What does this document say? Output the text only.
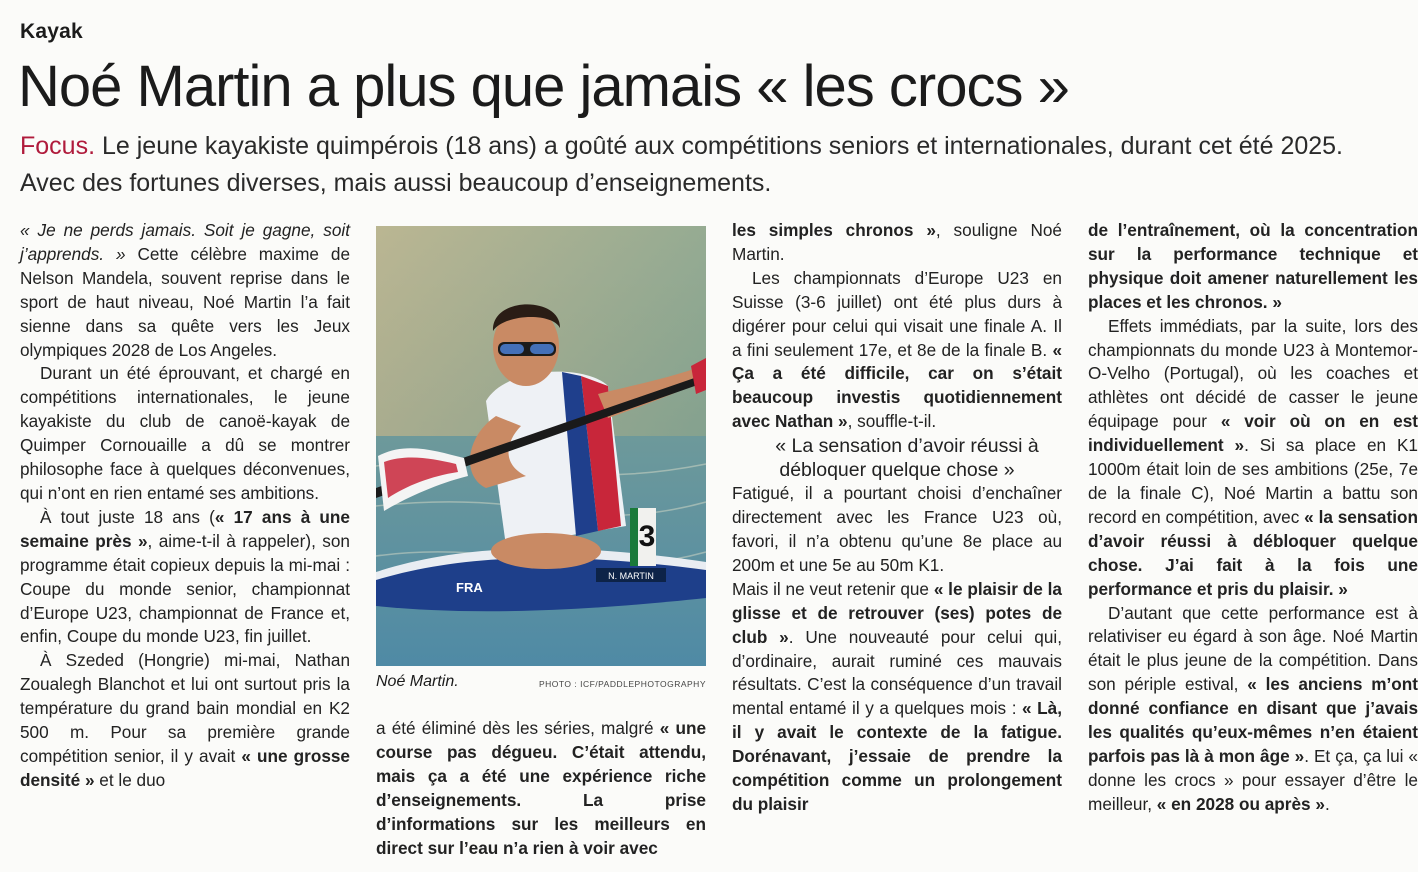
Kayak
Noé Martin a plus que jamais « les crocs »

Focus. Le jeune kayakiste quimpérois (18 ans) a goûté aux compétitions seniors et internationales, durant cet été 2025. Avec des fortunes diverses, mais aussi beaucoup d’enseignements.

« Je ne perds jamais. Soit je gagne, soit j’apprends. » Cette célèbre maxime de Nelson Mandela, souvent reprise dans le sport de haut niveau, Noé Martin l’a fait sienne dans sa quête vers les Jeux olympiques 2028 de Los Angeles.

Durant un été éprouvant, et chargé en compétitions internationales, le jeune kayakiste du club de canoë-kayak de Quimper Cornouaille a dû se montrer philosophe face à quelques déconvenues, qui n’ont en rien entamé ses ambitions.

À tout juste 18 ans (« 17 ans à une semaine près », aime-t-il à rappeler), son programme était copieux depuis la mi-mai : Coupe du monde senior, championnat d’Europe U23, championnat de France et, enfin, Coupe du monde U23, fin juillet.

À Szeded (Hongrie) mi-mai, Nathan Zoualegh Blanchot et lui ont surtout pris la température du grand bain mondial en K2 500 m. Pour sa première grande compétition senior, il y avait « une grosse densité » et le duo

N. MARTIN
FRA
3
Noé Martin.	PHOTO : ICF/PADDLEPHOTOGRAPHY

a été éliminé dès les séries, malgré « une course pas dégueu. C’était attendu, mais ça a été une expérience riche d’enseignements. La prise d’informations sur les meilleurs en direct sur l’eau n’a rien à voir avec

les simples chronos », souligne Noé Martin.

Les championnats d’Europe U23 en Suisse (3-6 juillet) ont été plus durs à digérer pour celui qui visait une finale A. Il a fini seulement 17e, et 8e de la finale B. « Ça a été difficile, car on s’était beaucoup investis quotidiennement avec Nathan », souffle-t-il.

« La sensation d’avoir réussi à débloquer quelque chose »

Fatigué, il a pourtant choisi d’enchaîner directement avec les France U23 où, favori, il n’a obtenu qu’une 8e place au 200m et une 5e au 50m K1.

Mais il ne veut retenir que « le plaisir de la glisse et de retrouver (ses) potes de club ». Une nouveauté pour celui qui, d’ordinaire, aurait ruminé ces mauvais résultats. C’est la conséquence d’un travail mental entamé il y a quelques mois : « Là, il y avait le contexte de la fatigue. Dorénavant, j’essaie de prendre la compétition comme un prolongement du plaisir

de l’entraînement, où la concentration sur la performance technique et physique doit amener naturellement les places et les chronos. »

Effets immédiats, par la suite, lors des championnats du monde U23 à Montemor-O-Velho (Portugal), où les coaches et athlètes ont décidé de casser le jeune équipage pour « voir où on en est individuellement ». Si sa place en K1 1000m était loin de ses ambitions (25e, 7e de la finale C), Noé Martin a battu son record en compétition, avec « la sensation d’avoir réussi à débloquer quelque chose. J’ai fait à la fois une performance et pris du plaisir. »

D’autant que cette performance est à relativiser eu égard à son âge. Noé Martin était le plus jeune de la compétition. Dans son périple estival, « les anciens m’ont donné confiance en disant que j’avais les qualités qu’eux-mêmes n’en étaient parfois pas là à mon âge ». Et ça, ça lui « donne les crocs » pour essayer d’être le meilleur, « en 2028 ou après ».
